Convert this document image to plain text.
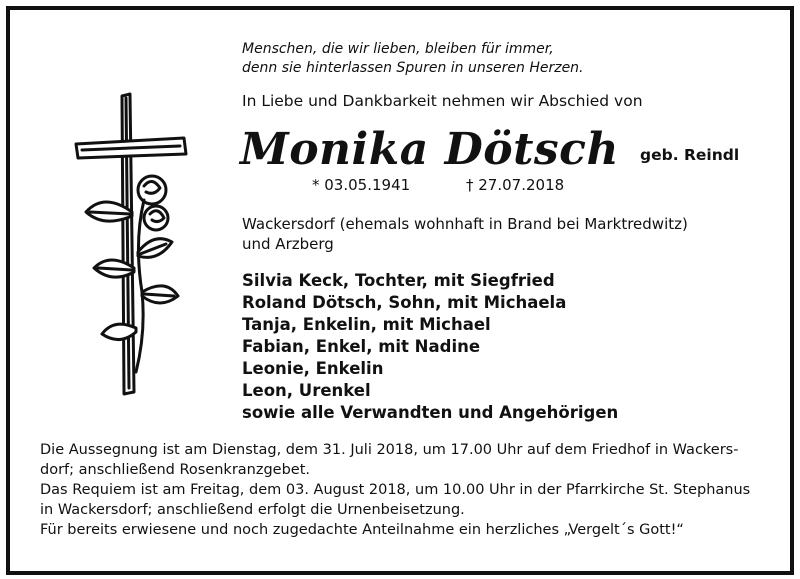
Menschen, die wir lieben, bleiben für immer,
denn sie hinterlassen Spuren in unseren Herzen.
In Liebe und Dankbarkeit nehmen wir Abschied von
Monika Dötsch geb. Reindl
* 03.05.1941	† 27.07.2018
Wackersdorf (ehemals wohnhaft in Brand bei Marktredwitz)
und Arzberg
Silvia Keck, Tochter, mit Siegfried
Roland Dötsch, Sohn, mit Michaela
Tanja, Enkelin, mit Michael
Fabian, Enkel, mit Nadine
Leonie, Enkelin
Leon, Urenkel
sowie alle Verwandten und Angehörigen
Die Aussegnung ist am Dienstag, dem 31. Juli 2018, um 17.00 Uhr auf dem Friedhof in Wackers-
dorf; anschließend Rosenkranzgebet.
Das Requiem ist am Freitag, dem 03. August 2018, um 10.00 Uhr in der Pfarrkirche St. Stephanus
in Wackersdorf; anschließend erfolgt die Urnenbeisetzung.
Für bereits erwiesene und noch zugedachte Anteilnahme ein herzliches „Vergelt´s Gott!“
